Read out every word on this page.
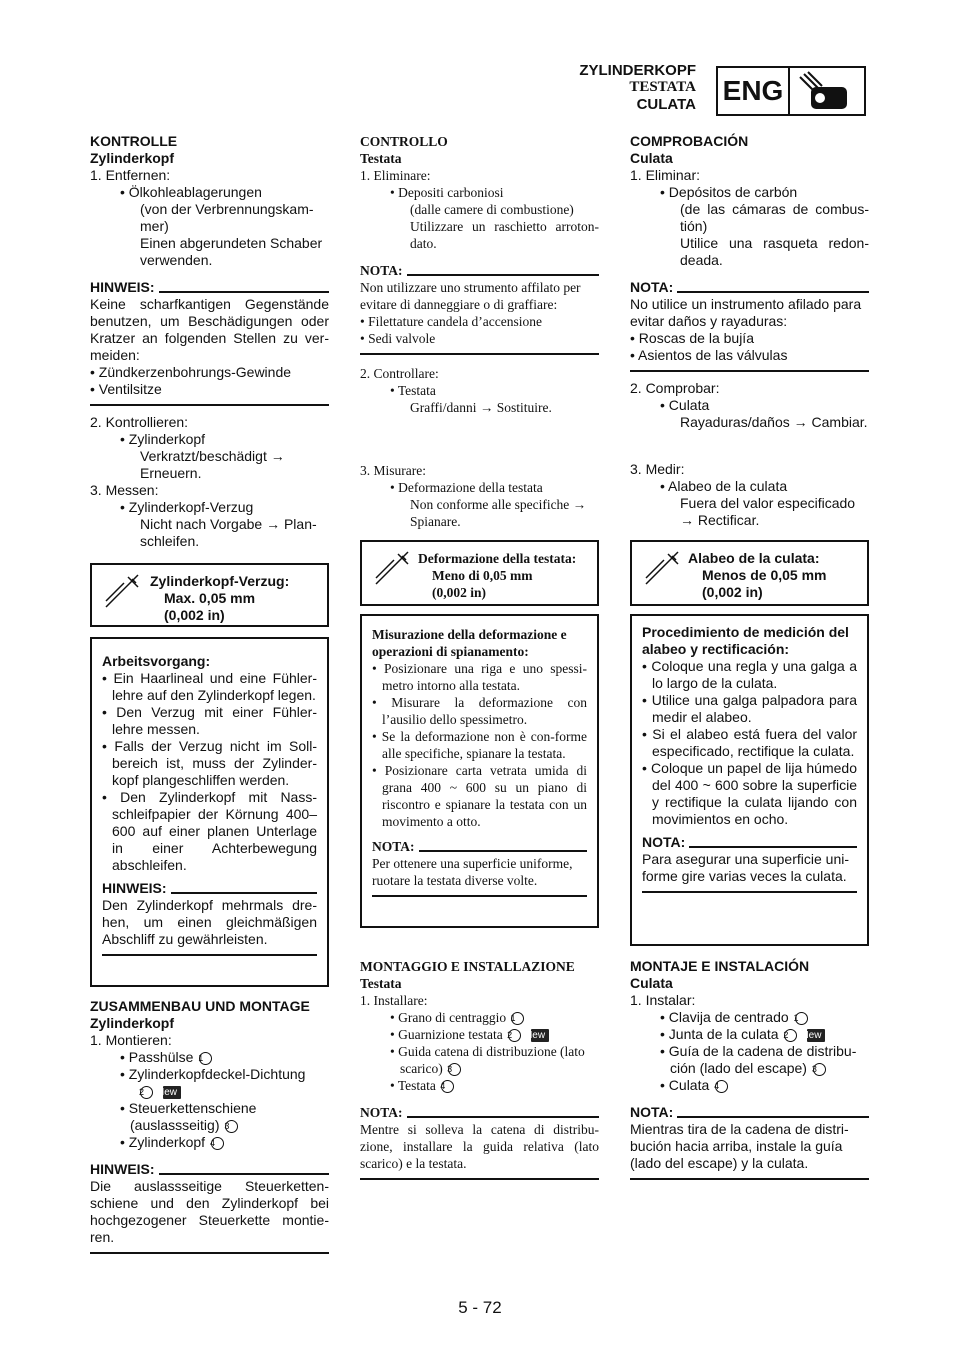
ZYLINDERKOPF
TESTATA
CULATA ENG
KONTROLLE
Zylinderkopf
1. Entfernen:
• Ölkohleablagerungen
(von der Verbrennungskam-
mer)
Einen abgerundeten Schaber
verwenden.
HINWEIS:
Keine scharfkantigen Gegenstände benutzen, um Beschädigungen oder Kratzer an folgenden Stellen zu ver-meiden:
• Zündkerzenbohrungs-Gewinde
• Ventilsitze
2. Kontrollieren:
• Zylinderkopf
Verkratzt/beschädigt → Erneuern.
3. Messen:
• Zylinderkopf-Verzug
Nicht nach Vorgabe → Plan-schleifen.
Zylinderkopf-Verzug:
Max. 0,05 mm
(0,002 in)
Arbeitsvorgang:
• Ein Haarlineal und eine Fühler-lehre auf den Zylinderkopf legen.
• Den Verzug mit einer Fühler-lehre messen.
• Falls der Verzug nicht im Soll-bereich ist, muss der Zylinder-kopf plangeschliffen werden.
• Den Zylinderkopf mit Nass-schleifpapier der Körnung 400–600 auf einer planen Unterlage in einer Achterbewegung abschleifen.
HINWEIS:
Den Zylinderkopf mehrmals dre-hen, um einen gleichmäßigen Abschliff zu gewährleisten.
ZUSAMMENBAU UND MONTAGE
Zylinderkopf
1. Montieren:
• Passhülse 1
• Zylinderkopfdeckel-Dichtung
2 New
• Steuerkettenschiene (auslassseitig) 3
• Zylinderkopf 4
HINWEIS:
Die auslassseitige Steuerketten-schiene und den Zylinderkopf bei hochgezogener Steuerkette montie-ren.
CONTROLLO
Testata
1. Eliminare:
• Depositi carboniosi
(dalle camere di combustione)
Utilizzare un raschietto arroton-dato.
NOTA:
Non utilizzare uno strumento affilato per evitare di danneggiare o di graffiare:
• Filettature candela d’accensione
• Sedi valvole
2. Controllare:
• Testata
Graffi/danni → Sostituire.
3. Misurare:
• Deformazione della testata
Non conforme alle specifiche → Spianare.
Deformazione della testata:
Meno di 0,05 mm
(0,002 in)
Misurazione della deformazione e operazioni di spianamento:
• Posizionare una riga e uno spessi-metro intorno alla testata.
• Misurare la deformazione con l’ausilio dello spessimetro.
• Se la deformazione non è con-forme alle specifiche, spianare la testata.
• Posizionare carta vetrata umida di grana 400 ~ 600 su un piano di riscontro e spianare la testata con un movimento a otto.
NOTA:
Per ottenere una superficie uniforme, ruotare la testata diverse volte.
MONTAGGIO E INSTALLAZIONE
Testata
1. Installare:
• Grano di centraggio 1
• Guarnizione testata 2 New
• Guida catena di distribuzione (lato scarico) 3
• Testata 4
NOTA:
Mentre si solleva la catena di distribu-zione, installare la guida relativa (lato scarico) e la testata.
COMPROBACIÓN
Culata
1. Eliminar:
• Depósitos de carbón
(de las cámaras de combus-tión)
Utilice una rasqueta redon-deada.
NOTA:
No utilice un instrumento afilado para evitar daños y rayaduras:
• Roscas de la bujía
• Asientos de las válvulas
2. Comprobar:
• Culata
Rayaduras/daños → Cambiar.
3. Medir:
• Alabeo de la culata
Fuera del valor especificado → Rectificar.
Alabeo de la culata:
Menos de 0,05 mm
(0,002 in)
Procedimiento de medición del alabeo y rectificación:
• Coloque una regla y una galga a lo largo de la culata.
• Utilice una galga palpadora para medir el alabeo.
• Si el alabeo está fuera del valor especificado, rectifique la culata.
• Coloque un papel de lija húmedo del 400 ~ 600 sobre la superficie y rectifique la culata lijando con movimientos en ocho.
NOTA:
Para asegurar una superficie uni-forme gire varias veces la culata.
MONTAJE E INSTALACIÓN
Culata
1. Instalar:
• Clavija de centrado 1
• Junta de la culata 2 New
• Guía de la cadena de distribu-ción (lado del escape) 3
• Culata 4
NOTA:
Mientras tira de la cadena de distri-bución hacia arriba, instale la guía (lado del escape) y la culata.
5 - 72
